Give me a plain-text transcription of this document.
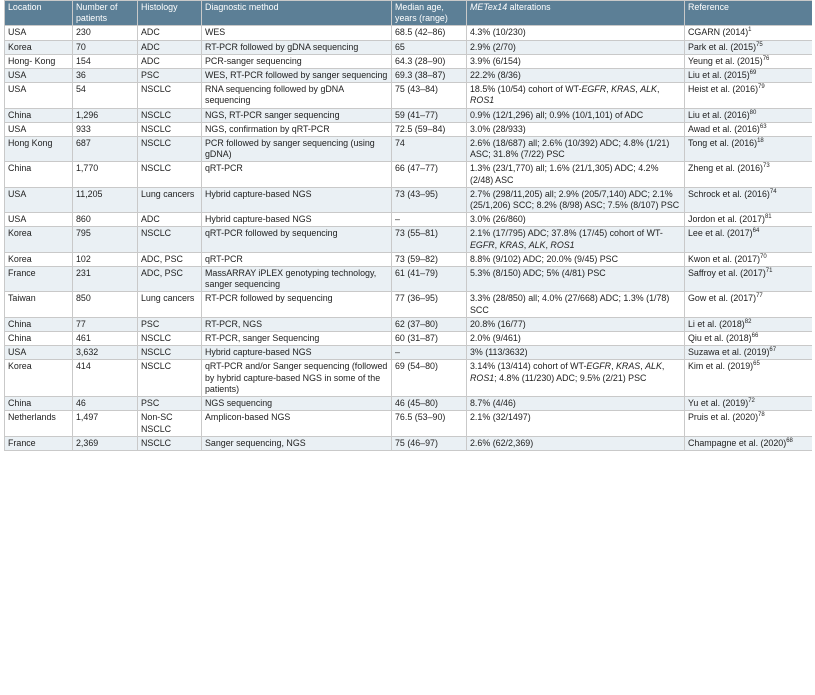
Location	Number of patients	Histology	Diagnostic method	Median age, years (range)	METex14 alterations	Reference
USA	230	ADC	WES	68.5 (42–86)	4.3% (10/230)	CGARN $(2014)^1$
Korea	70	ADC	RT-PCR followed by gDNA sequencing	65	2.9% (2/70)	Park et al. $(2015)^{75}$
Hong- Kong	154	ADC	PCR-sanger sequencing	64.3 (28–90)	3.9% (6/154)	Yeung et al. $(2015)^{76}$
USA	36	PSC	WES, RT-PCR followed by sanger sequencing	69.3 (38–87)	22.2% (8/36)	Liu et al. $(2015)^{69}$
USA	54	NSCLC	RNA sequencing followed by gDNA sequencing	75 (43–84)	18.5% (10/54) cohort of WT-EGFR, KRAS, ALK, ROS1	Heist et al. $(2016)^{79}$
China	1,296	NSCLC	NGS, RT-PCR sanger sequencing	59 (41–77)	0.9% (12/1,296) all; 0.9% (10/1,101) of ADC	Liu et al. $(2016)^{80}$
USA	933	NSCLC	NGS, confirmation by qRT-PCR	72.5 (59–84)	3.0% (28/933)	Awad et al. $(2016)^{63}$
Hong Kong	687	NSCLC	PCR followed by sanger sequencing (using gDNA)	74	2.6% (18/687) all; 2.6% (10/392) ADC; 4.8% (1/21) ASC; 31.8% (7/22) PSC	Tong et al. $(2016)^{18}$
China	1,770	NSCLC	qRT-PCR	66 (47–77)	1.3% (23/1,770) all; 1.6% (21/1,305) ADC; 4.2% (2/48) ASC	Zheng et al. $(2016)^{73}$
USA	11,205	Lung cancers	Hybrid capture-based NGS	73 (43–95)	2.7% (298/11,205) all; 2.9% (205/7,140) ADC; 2.1% (25/1,206) SCC; 8.2% (8/98) ASC; 7.5% (8/107) PSC	Schrock et al. $(2016)^{74}$
USA	860	ADC	Hybrid capture-based NGS	–	3.0% (26/860)	Jordon et al. $(2017)^{81}$
Korea	795	NSCLC	qRT-PCR followed by sequencing	73 (55–81)	2.1% (17/795) ADC; 37.8% (17/45) cohort of WT-EGFR, KRAS, ALK, ROS1	Lee et al. $(2017)^{64}$
Korea	102	ADC, PSC	qRT-PCR	73 (59–82)	8.8% (9/102) ADC; 20.0% (9/45) PSC	Kwon et al. $(2017)^{70}$
France	231	ADC, PSC	MassARRAY iPLEX genotyping technology, sanger sequencing	61 (41–79)	5.3% (8/150) ADC; 5% (4/81) PSC	Saffroy et al. $(2017)^{71}$
Taiwan	850	Lung cancers	RT-PCR followed by sequencing	77 (36–95)	3.3% (28/850) all; 4.0% (27/668) ADC; 1.3% (1/78) SCC	Gow et al. $(2017)^{77}$
China	77	PSC	RT-PCR, NGS	62 (37–80)	20.8% (16/77)	Li et al. $(2018)^{82}$
China	461	NSCLC	RT-PCR, sanger Sequencing	60 (31–87)	2.0% (9/461)	Qiu et al. $(2018)^{66}$
USA	3,632	NSCLC	Hybrid capture-based NGS	–	3% (113/3632)	Suzawa et al. $(2019)^{67}$
Korea	414	NSCLC	qRT-PCR and/or Sanger sequencing (followed by hybrid capture-based NGS in some of the patients)	69 (54–80)	3.14% (13/414) cohort of WT-EGFR, KRAS, ALK, ROS1; 4.8% (11/230) ADC; 9.5% (2/21) PSC	Kim et al. $(2019)^{65}$
China	46	PSC	NGS sequencing	46 (45–80)	8.7% (4/46)	Yu et al. $(2019)^{72}$
Netherlands	1,497	Non-SC NSCLC	Amplicon-based NGS	76.5 (53–90)	2.1% (32/1497)	Pruis et al. $(2020)^{78}$
France	2,369	NSCLC	Sanger sequencing, NGS	75 (46–97)	2.6% (62/2,369)	Champagne et al. $(2020)^{68}$
